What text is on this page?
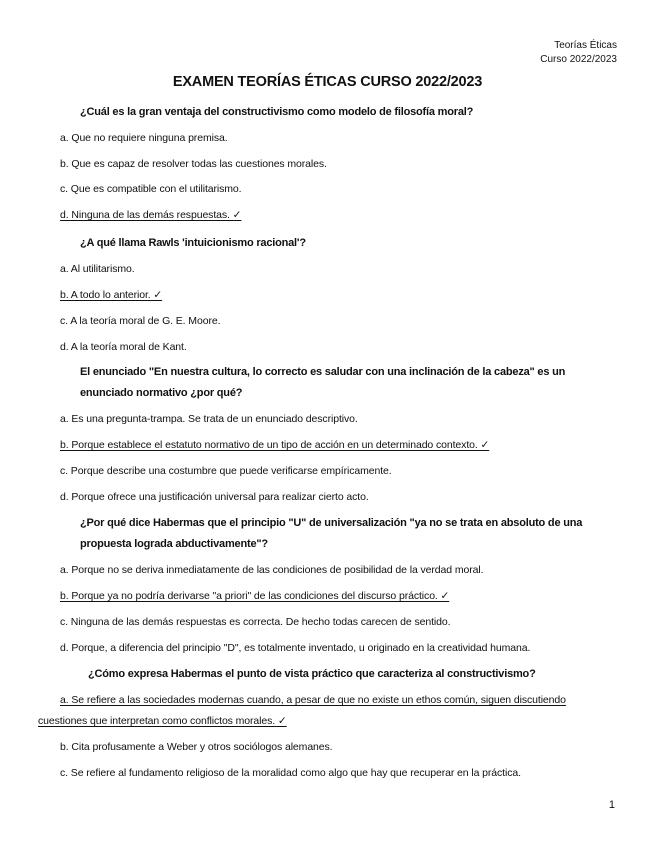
Teorías Éticas
Curso 2022/2023
EXAMEN TEORÍAS ÉTICAS CURSO 2022/2023
¿Cuál es la gran ventaja del constructivismo como modelo de filosofía moral?
a. Que no requiere ninguna premisa.
b. Que es capaz de resolver todas las cuestiones morales.
c. Que es compatible con el utilitarismo.
d. Ninguna de las demás respuestas. ✓
¿A qué llama Rawls 'intuicionismo racional'?
a. Al utilitarismo.
b. A todo lo anterior. ✓
c. A la teoría moral de G. E. Moore.
d. A la teoría moral de Kant.
El enunciado "En nuestra cultura, lo correcto es saludar con una inclinación de la cabeza" es un
enunciado normativo ¿por qué?
a. Es una pregunta-trampa. Se trata de un enunciado descriptivo.
b. Porque establece el estatuto normativo de un tipo de acción en un determinado contexto. ✓
c. Porque describe una costumbre que puede verificarse empíricamente.
d. Porque ofrece una justificación universal para realizar cierto acto.
¿Por qué dice Habermas que el principio "U" de universalización "ya no se trata en absoluto de una
propuesta lograda abductivamente"?
a. Porque no se deriva inmediatamente de las condiciones de posibilidad de la verdad moral.
b. Porque ya no podría derivarse "a priori" de las condiciones del discurso práctico. ✓
c. Ninguna de las demás respuestas es correcta. De hecho todas carecen de sentido.
d. Porque, a diferencia del principio "D", es totalmente inventado, u originado en la creatividad humana.
¿Cómo expresa Habermas el punto de vista práctico que caracteriza al constructivismo?
a. Se refiere a las sociedades modernas cuando, a pesar de que no existe un ethos común, siguen discutiendo
cuestiones que interpretan como conflictos morales. ✓
b. Cita profusamente a Weber y otros sociólogos alemanes.
c. Se refiere al fundamento religioso de la moralidad como algo que hay que recuperar en la práctica.
1
